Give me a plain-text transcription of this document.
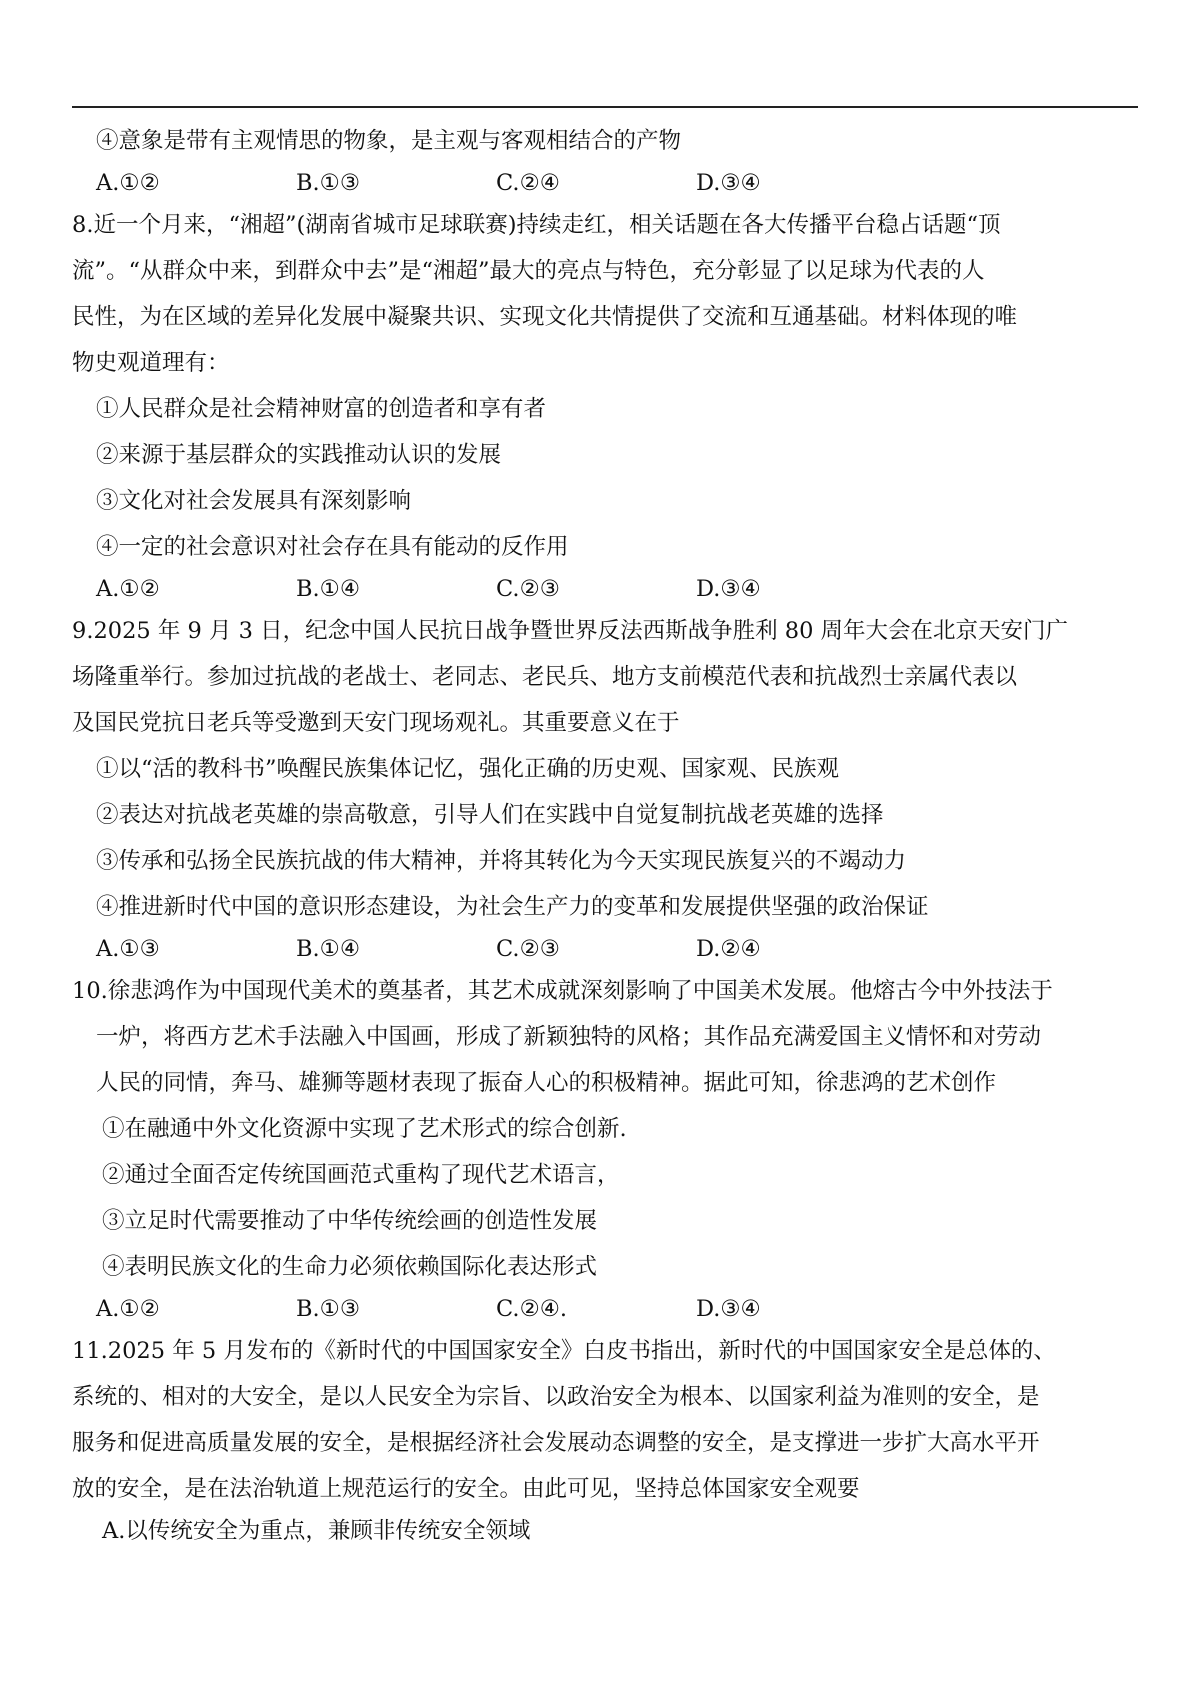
④意象是带有主观情思的物象，是主观与客观相结合的产物
A.①②	B.①③	C.②④	D.③④
8.近一个月来，“湘超”(湖南省城市足球联赛)持续走红，相关话题在各大传播平台稳占话题“顶
流”。“从群众中来，到群众中去”是“湘超”最大的亮点与特色，充分彰显了以足球为代表的人
民性，为在区域的差异化发展中凝聚共识、实现文化共情提供了交流和互通基础。材料体现的唯
物史观道理有：
①人民群众是社会精神财富的创造者和享有者
②来源于基层群众的实践推动认识的发展
③文化对社会发展具有深刻影响
④一定的社会意识对社会存在具有能动的反作用
A.①②	B.①④	C.②③	D.③④
9.2025 年 9 月 3 日，纪念中国人民抗日战争暨世界反法西斯战争胜利 80 周年大会在北京天安门广
场隆重举行。参加过抗战的老战士、老同志、老民兵、地方支前模范代表和抗战烈士亲属代表以
及国民党抗日老兵等受邀到天安门现场观礼。其重要意义在于
①以“活的教科书”唤醒民族集体记忆，强化正确的历史观、国家观、民族观
②表达对抗战老英雄的崇高敬意，引导人们在实践中自觉复制抗战老英雄的选择
③传承和弘扬全民族抗战的伟大精神，并将其转化为今天实现民族复兴的不竭动力
④推进新时代中国的意识形态建设，为社会生产力的变革和发展提供坚强的政治保证
A.①③	B.①④	C.②③	D.②④
10.徐悲鸿作为中国现代美术的奠基者，其艺术成就深刻影响了中国美术发展。他熔古今中外技法于
一炉，将西方艺术手法融入中国画，形成了新颖独特的风格；其作品充满爱国主义情怀和对劳动
人民的同情，奔马、雄狮等题材表现了振奋人心的积极精神。据此可知，徐悲鸿的艺术创作
①在融通中外文化资源中实现了艺术形式的综合创新.
②通过全面否定传统国画范式重构了现代艺术语言，
③立足时代需要推动了中华传统绘画的创造性发展
④表明民族文化的生命力必须依赖国际化表达形式
A.①②	B.①③	C.②④.	D.③④
11.2025 年 5 月发布的《新时代的中国国家安全》白皮书指出，新时代的中国国家安全是总体的、
系统的、相对的大安全，是以人民安全为宗旨、以政治安全为根本、以国家利益为准则的安全，是
服务和促进高质量发展的安全，是根据经济社会发展动态调整的安全，是支撑进一步扩大高水平开
放的安全，是在法治轨道上规范运行的安全。由此可见，坚持总体国家安全观要
A.以传统安全为重点，兼顾非传统安全领域
